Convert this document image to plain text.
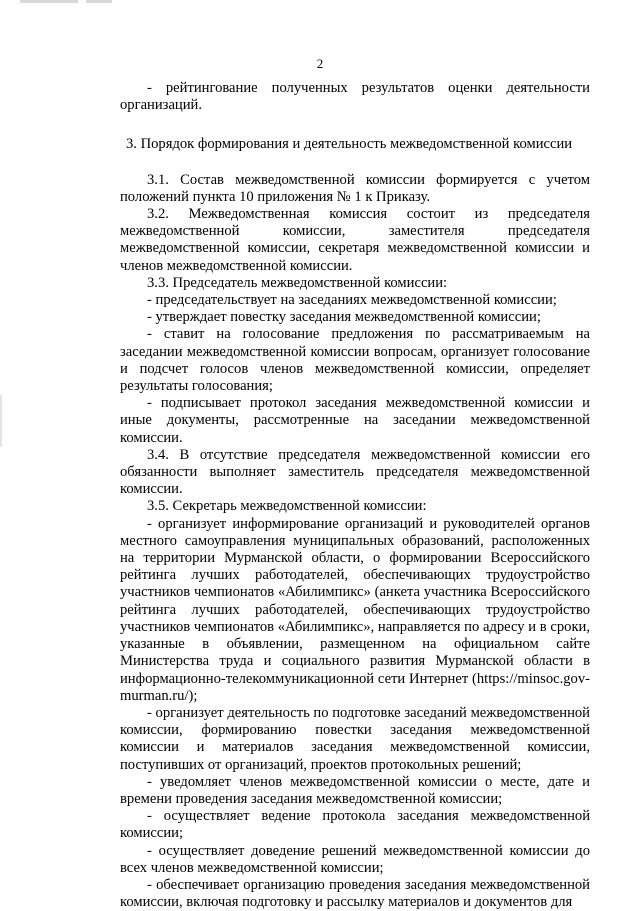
2

- рейтингование полученных результатов оценки деятельности организаций.

3. Порядок формирования и деятельность межведомственной комиссии

3.1. Состав межведомственной комиссии формируется с учетом положений пункта 10 приложения № 1 к Приказу.

3.2. Межведомственная комиссия состоит из председателя межведомственной комиссии, заместителя председателя межведомственной комиссии, секретаря межведомственной комиссии и членов межведомственной комиссии.

3.3. Председатель межведомственной комиссии:

- председательствует на заседаниях межведомственной комиссии;

- утверждает повестку заседания межведомственной комиссии;

- ставит на голосование предложения по рассматриваемым на заседании межведомственной комиссии вопросам, организует голосование и подсчет голосов членов межведомственной комиссии, определяет результаты голосования;

- подписывает протокол заседания межведомственной комиссии и иные документы, рассмотренные на заседании межведомственной комиссии.

3.4. В отсутствие председателя межведомственной комиссии его обязанности выполняет заместитель председателя межведомственной комиссии.

3.5. Секретарь межведомственной комиссии:

- организует информирование организаций и руководителей органов местного самоуправления муниципальных образований, расположенных на территории Мурманской области, о формировании Всероссийского рейтинга лучших работодателей, обеспечивающих трудоустройство участников чемпионатов «Абилимпикс» (анкета участника Всероссийского рейтинга лучших работодателей, обеспечивающих трудоустройство участников чемпионатов «Абилимпикс», направляется по адресу и в сроки, указанные в объявлении, размещенном на официальном сайте Министерства труда и социального развития Мурманской области в информационно-телекоммуникационной сети Интернет (https://minsoc.gov-murman.ru/);

- организует деятельность по подготовке заседаний межведомственной комиссии, формированию повестки заседания межведомственной комиссии и материалов заседания межведомственной комиссии, поступивших от организаций, проектов протокольных решений;

- уведомляет членов межведомственной комиссии о месте, дате и времени проведения заседания межведомственной комиссии;

- осуществляет ведение протокола заседания межведомственной комиссии;

- осуществляет доведение решений межведомственной комиссии до всех членов межведомственной комиссии;

- обеспечивает организацию проведения заседания межведомственной комиссии, включая подготовку и рассылку материалов и документов для
